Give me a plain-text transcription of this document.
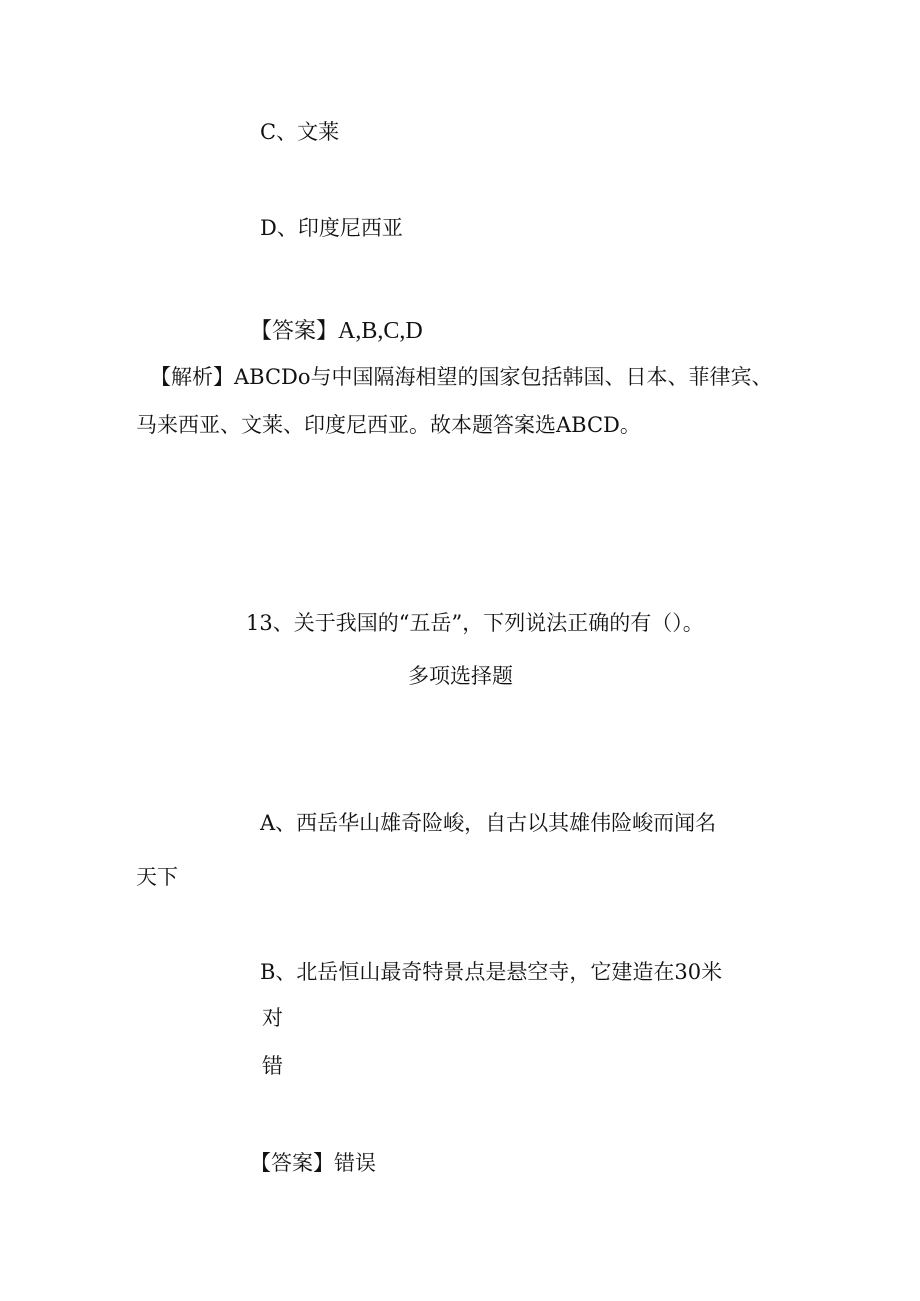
C、文莱
D、印度尼西亚
【答案】A,B,C,D
【解析】ABCDo与中国隔海相望的国家包括韩国、日本、菲律宾、
马来西亚、文莱、印度尼西亚。故本题答案选ABCD。
13、关于我国的“五岳”，下列说法正确的有（）。
多项选择题
A、西岳华山雄奇险峻，自古以其雄伟险峻而闻名
天下
B、北岳恒山最奇特景点是悬空寺，它建造在30米
对
错
【答案】错误
